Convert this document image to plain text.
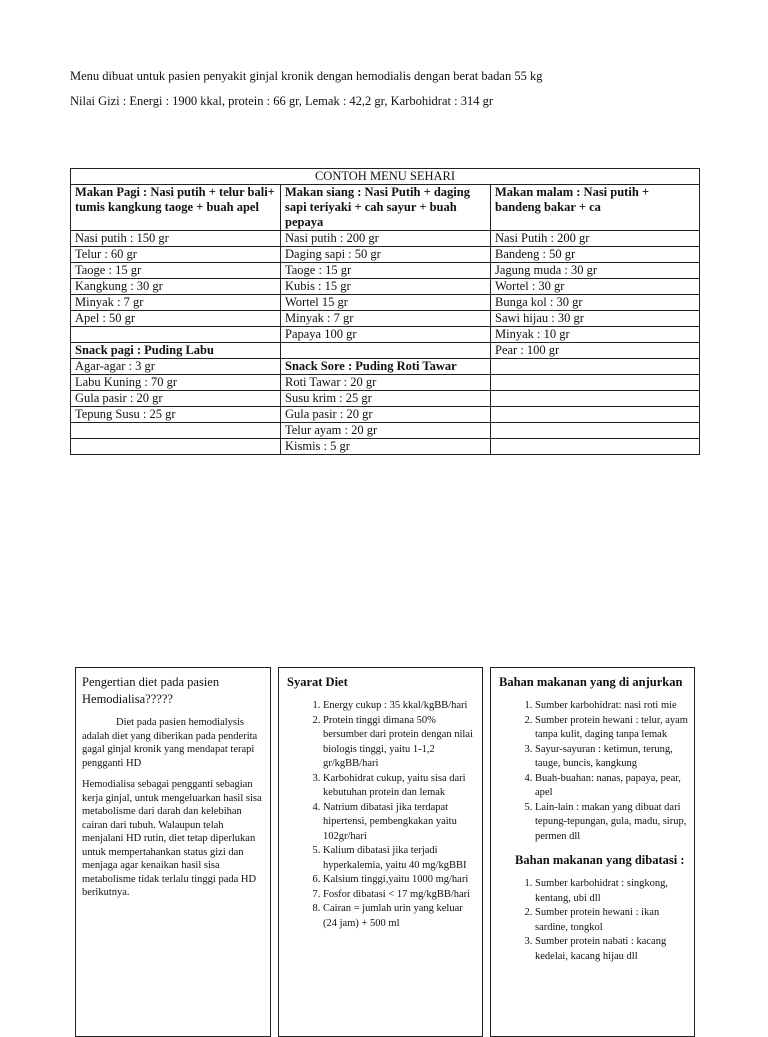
Menu dibuat untuk pasien penyakit ginjal kronik dengan hemodialis dengan berat badan 55 kg
Nilai Gizi : Energi : 1900 kkal, protein : 66 gr, Lemak : 42,2 gr, Karbohidrat : 314 gr
CONTOH MENU SEHARI		
Makan Pagi : Nasi putih + telur bali+ tumis kangkung taoge + buah apel	Makan siang : Nasi Putih + daging sapi teriyaki + cah sayur + buah pepaya	Makan malam : Nasi putih + bandeng bakar + ca
Nasi putih : 150 gr	Nasi putih : 200 gr	Nasi Putih : 200 gr
Telur : 60 gr	Daging sapi : 50 gr	Bandeng : 50 gr
Taoge : 15 gr	Taoge : 15 gr	Jagung muda : 30 gr
Kangkung : 30 gr	Kubis : 15 gr	Wortel : 30 gr
Minyak : 7 gr	Wortel 15 gr	Bunga kol : 30 gr
Apel : 50 gr	Minyak : 7 gr	Sawi hijau : 30 gr
	Papaya 100 gr	Minyak : 10 gr
Snack pagi : Puding Labu		Pear : 100 gr
Agar-agar : 3 gr	Snack Sore : Puding Roti Tawar	
Labu Kuning : 70 gr	Roti Tawar : 20 gr	
Gula pasir : 20 gr	Susu krim : 25 gr	
Tepung Susu : 25 gr	Gula pasir : 20 gr	
	Telur ayam : 20 gr	
	Kismis : 5 gr	
Pengertian diet pada pasien Hemodialisa?????
Diet pada pasien hemodialysis adalah diet yang diberikan pada penderita gagal ginjal kronik yang mendapat terapi pengganti HD
Hemodialisa sebagai pengganti sebagian kerja ginjal, untuk mengeluarkan hasil sisa metabolisme dari darah dan kelebihan cairan dari tubuh. Walaupun telah menjalani HD rutin, diet tetap diperlukan untuk mempertahankan status gizi dan menjaga agar kenaikan hasil sisa metabolisme tidak terlalu tinggi pada HD berikutnya.
Syarat Diet
1. Energy cukup : 35 kkal/kgBB/hari
2. Protein tinggi dimana 50% bersumber dari protein dengan nilai biologis tinggi, yaitu 1-1,2 gr/kgBB/hari
3. Karbohidrat cukup, yaitu sisa dari kebutuhan protein dan lemak
4. Natrium dibatasi jika terdapat hipertensi, pembengkakan yaitu 102gr/hari
5. Kalium dibatasi jika terjadi hyperkalemia, yaitu 40 mg/kgBBI
6. Kalsium tinggi,yaitu 1000 mg/hari
7. Fosfor dibatasi < 17 mg/kgBB/hari
8. Cairan = jumlah urin yang keluar (24 jam) + 500 ml
Bahan makanan yang di anjurkan
1. Sumber karbohidrat: nasi roti mie
2. Sumber protein hewani : telur, ayam tanpa kulit, daging tanpa lemak
3. Sayur-sayuran : ketimun, terung, tauge, buncis, kangkung
4. Buah-buahan: nanas, papaya, pear, apel
5. Lain-lain : makan yang dibuat dari tepung-tepungan, gula, madu, sirup, permen dll
Bahan makanan yang dibatasi :
1. Sumber karbohidrat : singkong, kentang, ubi dll
2. Sumber protein hewani : ikan sardine, tongkol
3. Sumber protein nabati : kacang kedelai, kacang hijau dll
